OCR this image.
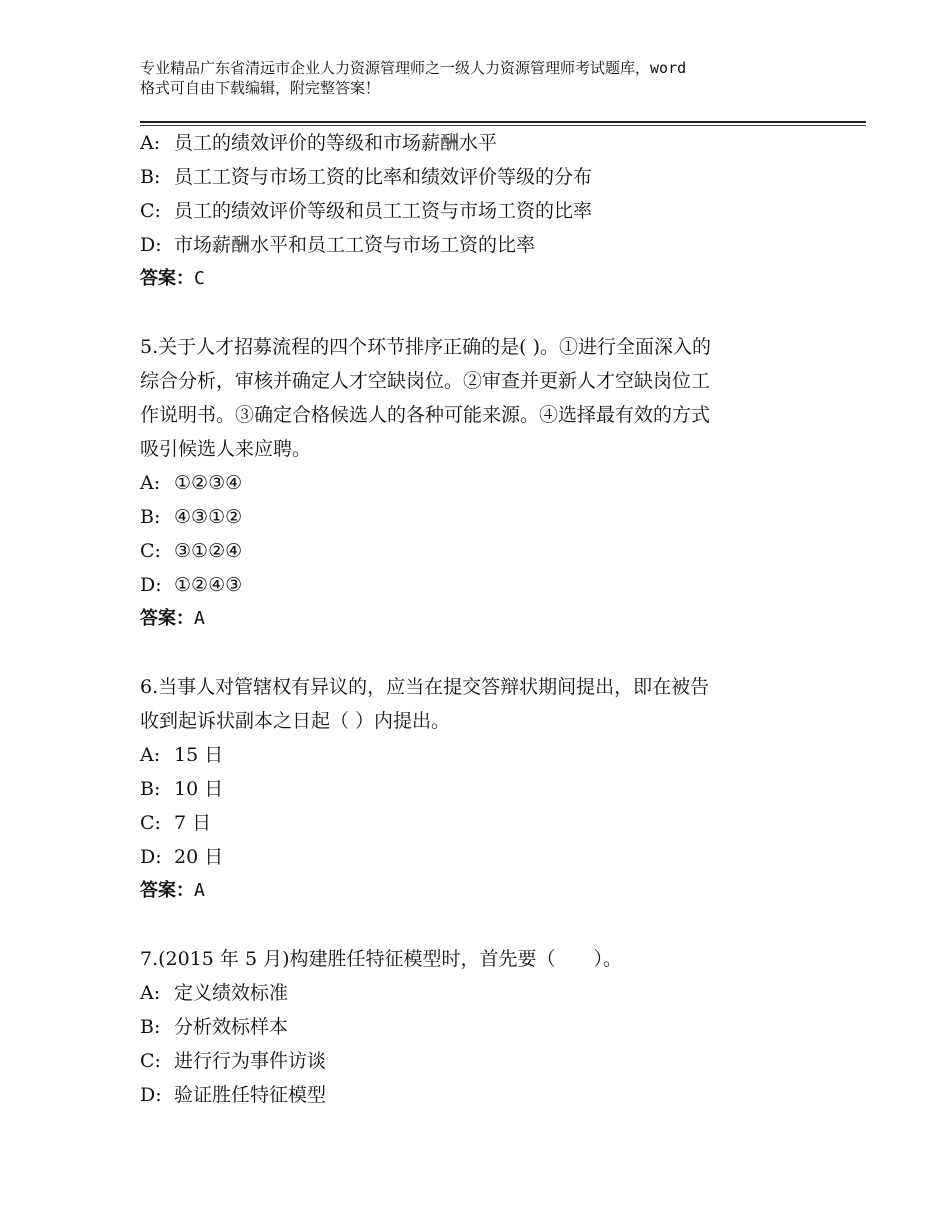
专业精品广东省清远市企业人力资源管理师之一级人力资源管理师考试题库，word
格式可自由下载编辑，附完整答案！
A: 员工的绩效评价的等级和市场薪酬水平
B: 员工工资与市场工资的比率和绩效评价等级的分布
C: 员工的绩效评价等级和员工工资与市场工资的比率
D: 市场薪酬水平和员工工资与市场工资的比率
答案：C
5.关于人才招募流程的四个环节排序正确的是( )。①进行全面深入的
综合分析，审核并确定人才空缺岗位。②审查并更新人才空缺岗位工
作说明书。③确定合格候选人的各种可能来源。④选择最有效的方式
吸引候选人来应聘。
A: ①②③④
B: ④③①②
C: ③①②④
D: ①②④③
答案：A
6.当事人对管辖权有异议的，应当在提交答辩状期间提出，即在被告
收到起诉状副本之日起（ ）内提出。
A: 15 日
B: 10 日
C: 7 日
D: 20 日
答案：A
7.(2015 年 5 月)构建胜任特征模型时，首先要（　　）。
A: 定义绩效标准
B: 分析效标样本
C: 进行行为事件访谈
D: 验证胜任特征模型
